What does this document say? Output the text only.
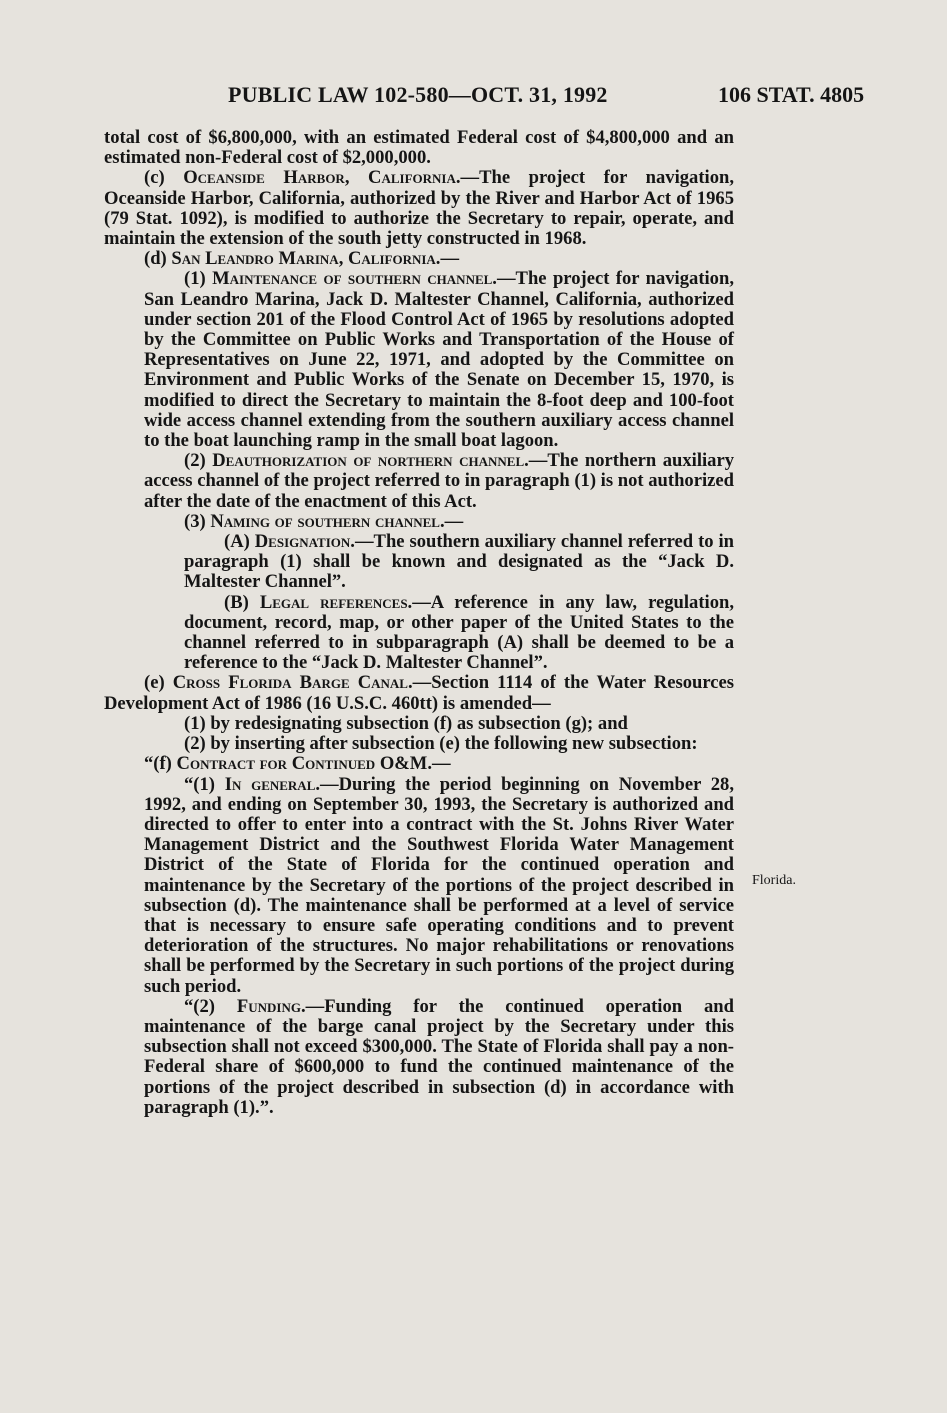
PUBLIC LAW 102-580—OCT. 31, 1992	106 STAT. 4805
Florida.

total cost of $6,800,000, with an estimated Federal cost of $4,800,000 and an estimated non-Federal cost of $2,000,000.

(c) Oceanside Harbor, California.—The project for navigation, Oceanside Harbor, California, authorized by the River and Harbor Act of 1965 (79 Stat. 1092), is modified to authorize the Secretary to repair, operate, and maintain the extension of the south jetty constructed in 1968.

(d) San Leandro Marina, California.—

(1) Maintenance of southern channel.—The project for navigation, San Leandro Marina, Jack D. Maltester Channel, California, authorized under section 201 of the Flood Control Act of 1965 by resolutions adopted by the Committee on Public Works and Transportation of the House of Representatives on June 22, 1971, and adopted by the Committee on Environment and Public Works of the Senate on December 15, 1970, is modified to direct the Secretary to maintain the 8-foot deep and 100-foot wide access channel extending from the southern auxiliary access channel to the boat launching ramp in the small boat lagoon.

(2) Deauthorization of northern channel.—The northern auxiliary access channel of the project referred to in paragraph (1) is not authorized after the date of the enactment of this Act.

(3) Naming of southern channel.—

(A) Designation.—The southern auxiliary channel referred to in paragraph (1) shall be known and designated as the “Jack D. Maltester Channel”.

(B) Legal references.—A reference in any law, regulation, document, record, map, or other paper of the United States to the channel referred to in subparagraph (A) shall be deemed to be a reference to the “Jack D. Maltester Channel”.

(e) Cross Florida Barge Canal.—Section 1114 of the Water Resources Development Act of 1986 (16 U.S.C. 460tt) is amended—

(1) by redesignating subsection (f) as subsection (g); and

(2) by inserting after subsection (e) the following new subsection:

“(f) Contract for Continued O&M.—

“(1) In general.—During the period beginning on November 28, 1992, and ending on September 30, 1993, the Secretary is authorized and directed to offer to enter into a contract with the St. Johns River Water Management District and the Southwest Florida Water Management District of the State of Florida for the continued operation and maintenance by the Secretary of the portions of the project described in subsection (d). The maintenance shall be performed at a level of service that is necessary to ensure safe operating conditions and to prevent deterioration of the structures. No major rehabilitations or renovations shall be performed by the Secretary in such portions of the project during such period.

“(2) Funding.—Funding for the continued operation and maintenance of the barge canal project by the Secretary under this subsection shall not exceed $300,000. The State of Florida shall pay a non-Federal share of $600,000 to fund the continued maintenance of the portions of the project described in subsection (d) in accordance with paragraph (1).”.
